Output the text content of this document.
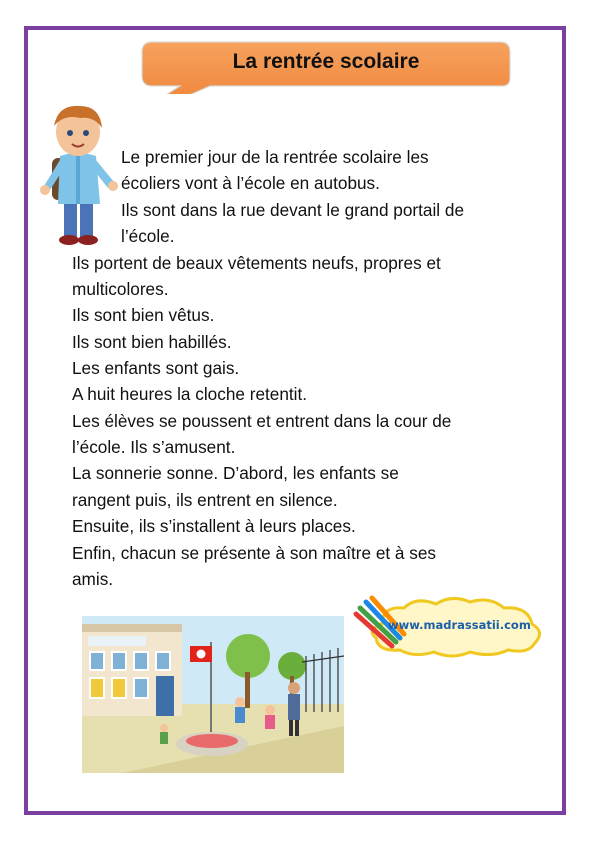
La rentrée scolaire
Le premier jour de la rentrée scolaire les
écoliers vont à l’école en autobus.
Ils sont dans la rue devant le grand portail de
l’école.
Ils portent de beaux vêtements neufs, propres et
multicolores.
Ils sont bien vêtus.
Ils sont bien habillés.
Les enfants sont gais.
A huit heures la cloche retentit.
Les élèves se poussent et entrent dans la cour de
l’école. Ils s’amusent.
La sonnerie sonne. D’abord, les enfants se
rangent puis, ils entrent en silence.
Ensuite, ils s’installent à leurs places.
Enfin, chacun se présente à son maître et à ses
amis.
www.madrassatii.com
